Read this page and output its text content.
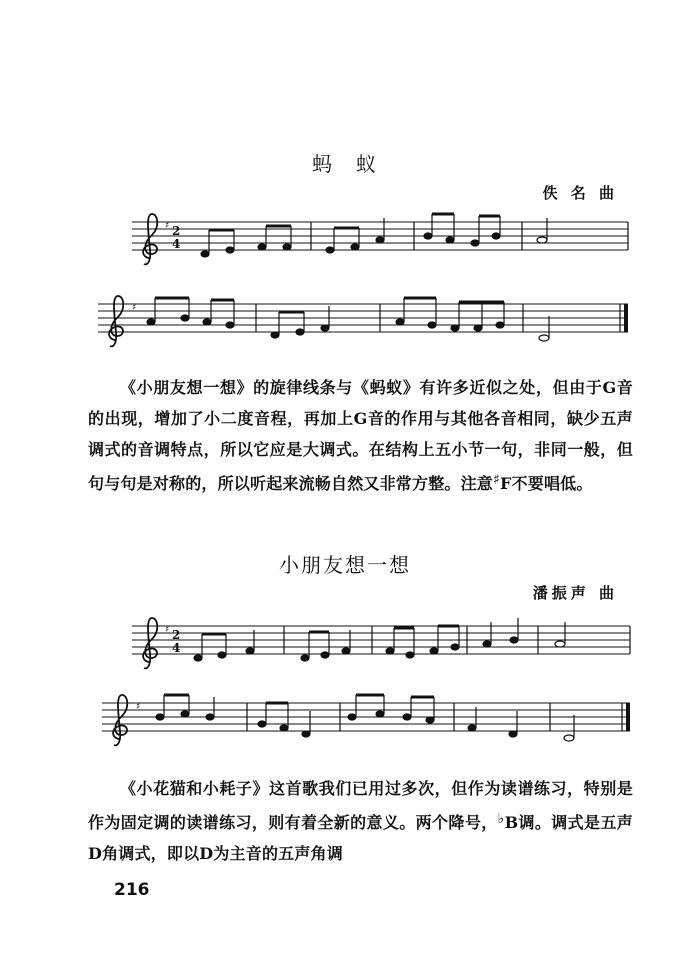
蚂　蚁
佚 名 曲
♯ 2
4
♯

《小朋友想一想》的旋律线条与《蚂蚁》有许多近似之处，但由于G音的出现，增加了小二度音程，再加上G音的作用与其他各音相同，缺少五声调式的音调特点，所以它应是大调式。在结构上五小节一句，非同一般，但句与句是对称的，所以听起来流畅自然又非常方整。注意♯F不要唱低。

小朋友想一想
潘振声 曲
♯ 2
4
♯

《小花猫和小耗子》这首歌我们已用过多次，但作为读谱练习，特别是作为固定调的读谱练习，则有着全新的意义。两个降号，♭B调。调式是五声D角调式，即以D为主音的五声角调

216
